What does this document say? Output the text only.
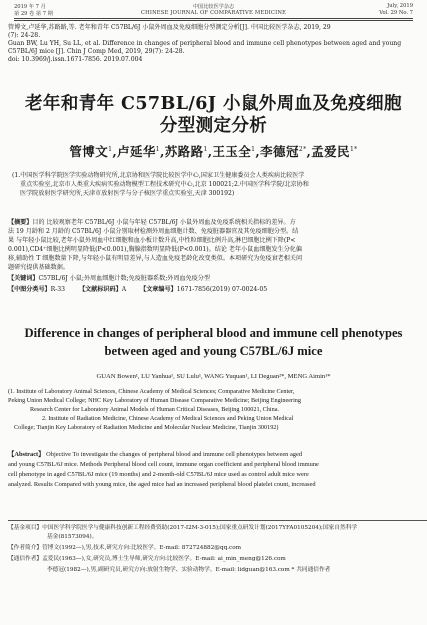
2019 年 7 月
第 29 卷 第 7 期
中国比较医学杂志
CHINESE JOURNAL OF COMPARATIVE MEDICINE
July, 2019
Vol. 29 No. 7
管博文,卢延华,苏路路,等. 老年和青年 C57BL/6J 小鼠外周血及免疫细胞分型测定分析[J]. 中国比较医学杂志, 2019, 29
(7): 24-28.
Guan BW, Lu YH, Su LL, et al. Difference in changes of peripheral blood and immune cell phenotypes between aged and young
C57BL/6J mice [J]. Chin J Comp Med, 2019, 29(7): 24-28.
doi: 10.3969/j.issn.1671-7856. 2019.07.004
老年和青年 C57BL/6J 小鼠外周血及免疫细胞
分型测定分析
管博文$^1$,卢延华$^1$,苏路路$^1$,王玉全$^1$,李德冠$^{2*}$,孟爱民$^{1*}$
(1.中国医学科学院医学实验动物研究所,北京协和医学院比较医学中心,国家卫生健康委员会人类疾病比较医学
重点实验室,北京市人类重大疾病实验动物模型工程技术研究中心,北京 100021;2.中国医学科学院/北京协和
医学院放射医学研究所,天津市放射医学与分子核医学重点实验室,天津 300192)
【摘要】目的 比较观察老年 C57BL/6J 小鼠与年轻 C57BL/6J 小鼠外周血及免疫系统相关指标的差异。方
法 19 月龄和 2 月龄的 C57BL/6J 小鼠分别取材检测外周血细胞计数、免疫脏器器官及其免疫细胞分型。结
果 与年轻小鼠比较,老年小鼠外周血中红细胞和血小板计数升高,中性粒细胞比例升高,淋巴细胞比例下降(P<
0.001),CD4⁺细胞比例明显降低(P<0.001),胸腺指数明显降低(P<0.001)。结论 老年小鼠血细胞发生分化偏
移,辅助性 T 细胞数量下降,与年轻小鼠有明显差异,与人造血免疫老龄化改变类似。本项研究为免疫衰老相关问
题研究提供基础数据。
【关键词】C57BL/6J 小鼠;外周血细胞计数;免疫脏器系数;外周血免疫分型
【中图分类号】R-33 【文献标识码】A 【文章编号】1671-7856(2019) 07-0024-05
Difference in changes of peripheral blood and immune cell phenotypes
between aged and young C57BL/6J mice
GUAN Bowen¹, LU Yanhua¹, SU Lulu¹, WANG Yuquan¹, LI Deguan²*, MENG Aimin¹*
(1. Institute of Laboratory Animal Sciences, Chinese Academy of Medical Sciences; Comparative Medicine Center,
Peking Union Medical College; NHC Key Laboratory of Human Disease Comparative Medicine; Beijing Engineering
Research Center for Laboratory Animal Models of Human Critical Diseases, Beijing 100021, China.
2. Institute of Radiation Medicine, Chinese Academy of Medical Sciences and Peking Union Medical
College; Tianjin Key Laboratory of Radiation Medicine and Molecular Nuclear Medicine, Tianjin 300192)
【Abstract】 Objective To investigate the changes of peripheral blood and immune cell phenotypes between aged
and young C57BL/6J mice. Methods Peripheral blood cell count, immune organ coefficient and peripheral blood immune
cell phenotype in aged C57BL/6J mice (19 months) and 2-month-old C57BL/6J mice used as control adult mice were
analyzed. Results Compared with young mice, the aged mice had an increased peripheral blood platelet count, increased
【基金项目】中国医学科学院医学与健康科技创新工程经费资助(2017-I2M-3-015);国家重点研发计划(2017YFA0105204);国家自然科学
基金(81573094)。
【作者简介】管博文(1992—),男,技术,研究方向:比较医学。E-mail: 872724882@qq.com
【通信作者】孟爱民(1963—),女,研究员,博士生导师,研究方向:比较医学。E-mail: ai_min_meng@126.com
李德冠(1982—),男,副研究员,研究方向:放射生物学、实验动物学。E-mail: lidguan@163.com * 共同通信作者
